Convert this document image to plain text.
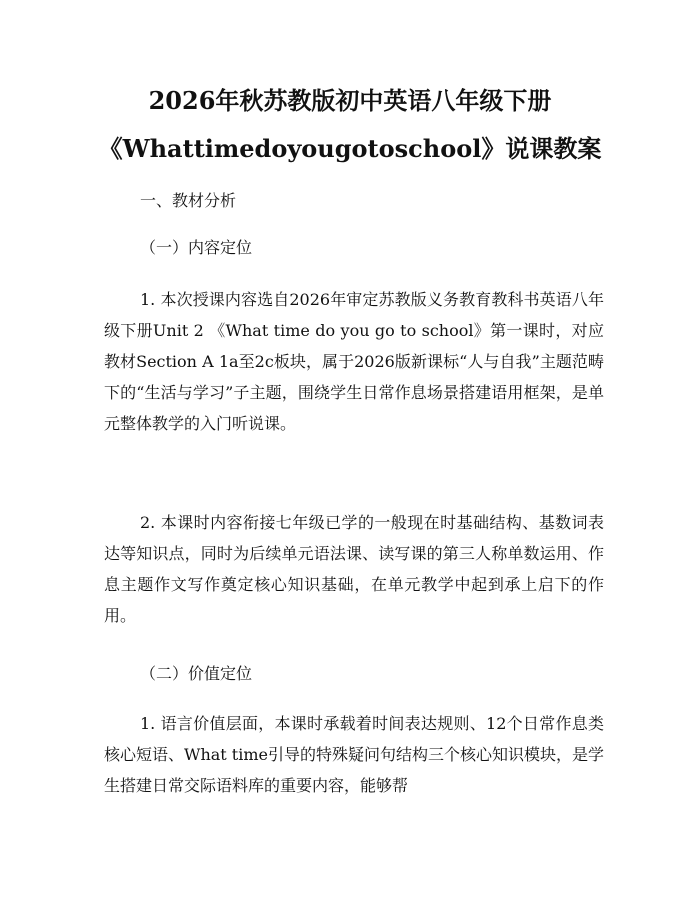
2026年秋苏教版初中英语八年级下册
《Whattimedoyougotoschool》说课教案
一、教材分析
（一）内容定位
1. 本次授课内容选自2026年审定苏教版义务教育教科书英语八年级下册Unit 2 《What time do you go to school》第一课时，对应教材Section A 1a至2c板块，属于2026版新课标“人与自我”主题范畴下的“生活与学习”子主题，围绕学生日常作息场景搭建语用框架，是单元整体教学的入门听说课。
2. 本课时内容衔接七年级已学的一般现在时基础结构、基数词表达等知识点，同时为后续单元语法课、读写课的第三人称单数运用、作息主题作文写作奠定核心知识基础，在单元教学中起到承上启下的作用。
（二）价值定位
1. 语言价值层面，本课时承载着时间表达规则、12个日常作息类核心短语、What time引导的特殊疑问句结构三个核心知识模块，是学生搭建日常交际语料库的重要内容，能够帮
